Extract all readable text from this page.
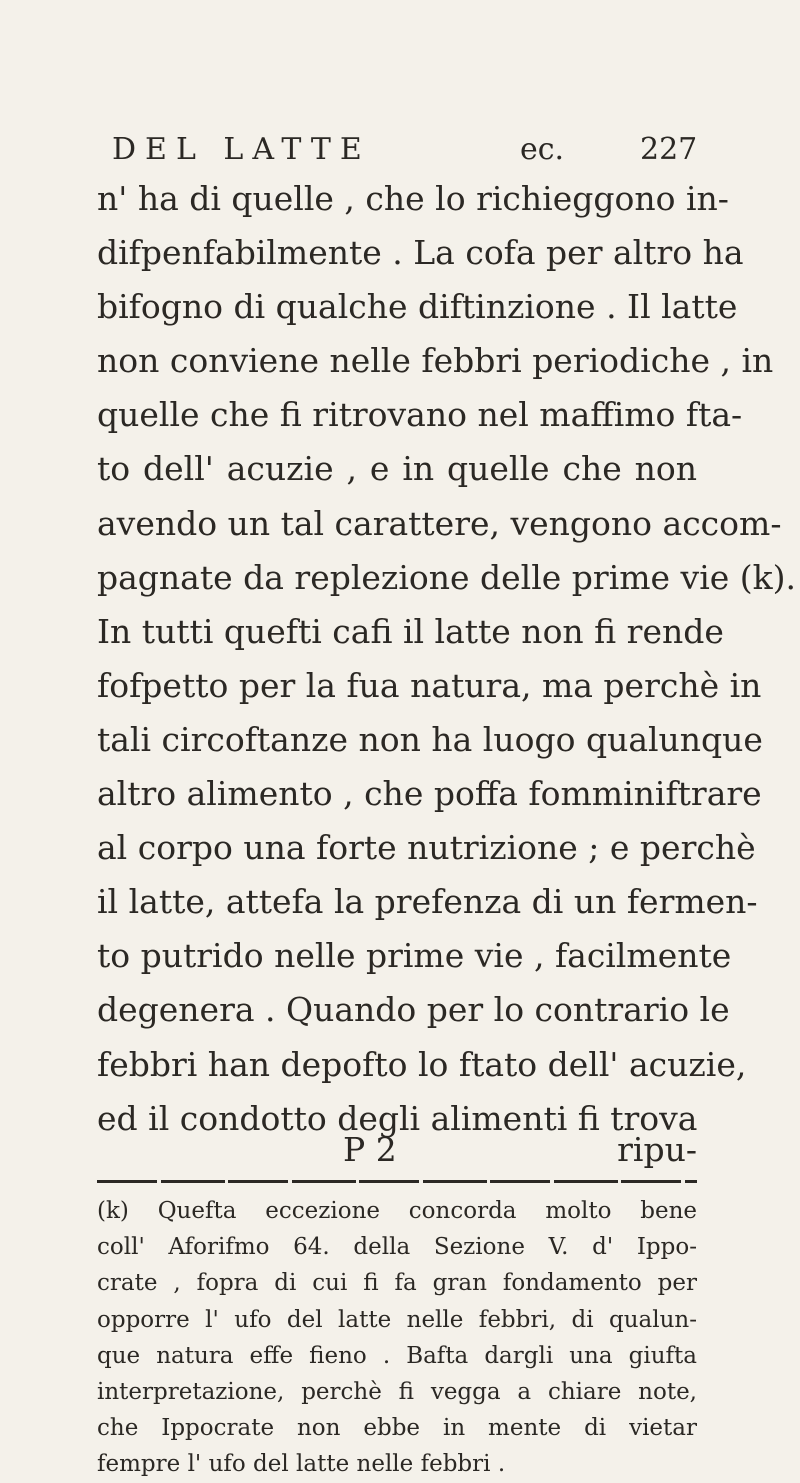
DEL LATTE	ec.	227
n' ha di quelle , che lo richieggono in-
difpenfabilmente . La cofa per altro ha
bifogno di qualche diftinzione . Il latte
non conviene nelle febbri periodiche , in
quelle che fi ritrovano nel maffimo fta-
to dell' acuzie , e in quelle che non
avendo un tal carattere, vengono accom-
pagnate da replezione delle prime vie (k).
In tutti quefti cafi il latte non fi rende
fofpetto per la fua natura, ma perchè in
tali circoftanze non ha luogo qualunque
altro alimento , che poffa fomminiftrare
al corpo una forte nutrizione ; e perchè
il latte, attefa la prefenza di un fermen-
to putrido nelle prime vie , facilmente
degenera . Quando per lo contrario le
febbri han depofto lo ftato dell' acuzie,
ed il condotto degli alimenti fi trova
P 2	ripu-
(k) Quefta eccezione concorda molto bene
coll' Aforifmo 64. della Sezione V. d' Ippo-
crate , fopra di cui fi fa gran fondamento per
opporre l' ufo del latte nelle febbri, di qualun-
que natura effe fieno . Bafta dargli una giufta
interpretazione, perchè fi vegga a chiare note,
che Ippocrate non ebbe in mente di vietar
fempre l' ufo del latte nelle febbri .
